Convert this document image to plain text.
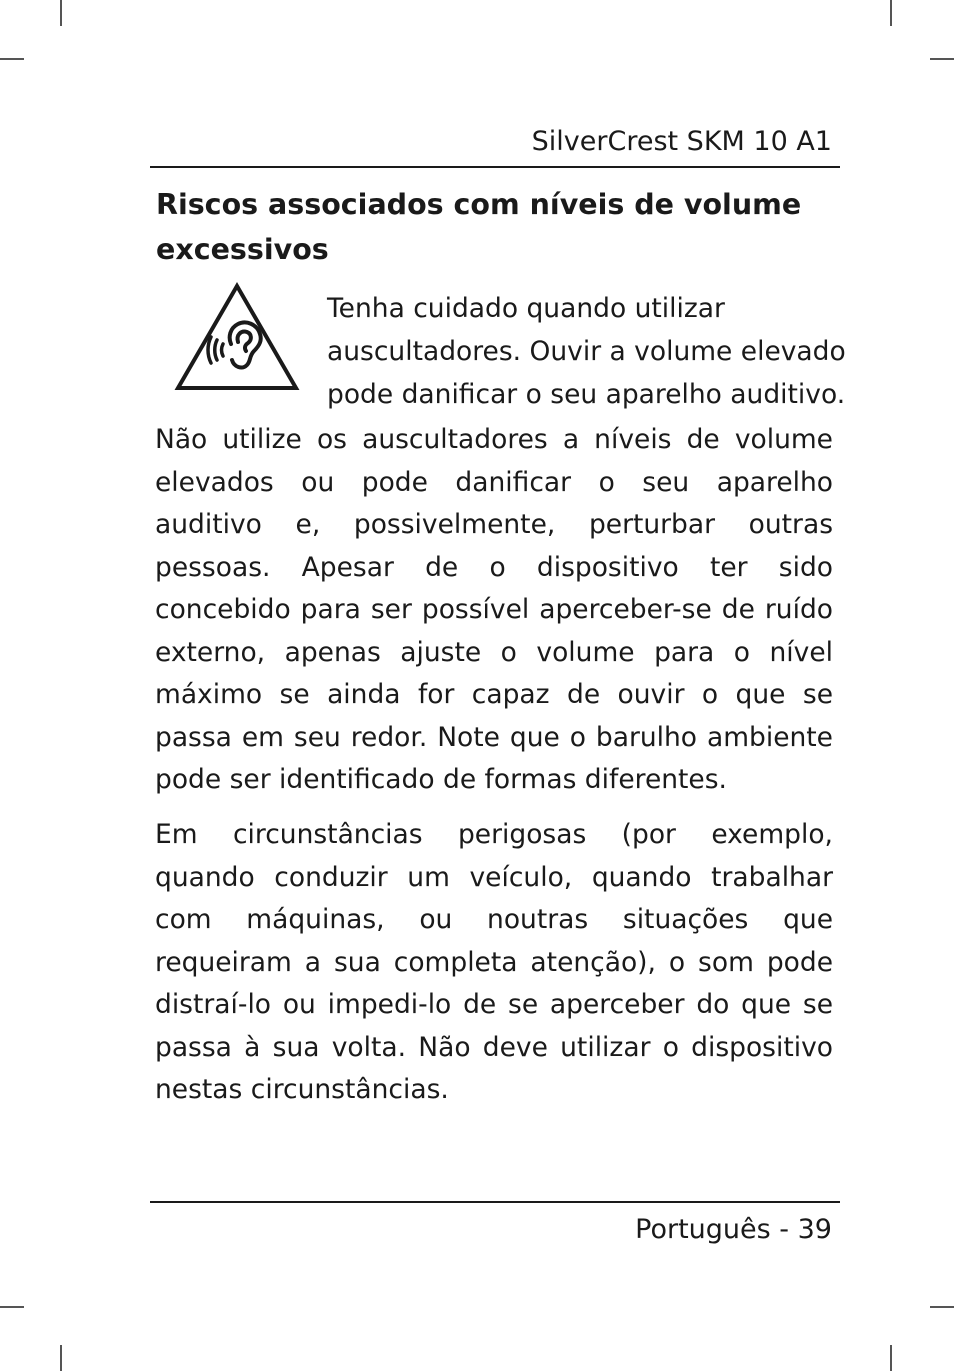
SilverCrest SKM 10 A1
Riscos associados com níveis de volume excessivos

Tenha cuidado quando utilizar
auscultadores. Ouvir a volume elevado
pode danificar o seu aparelho auditivo.

Não utilize os auscultadores a níveis de volume elevados ou pode danificar o seu aparelho auditivo e, possivelmente, perturbar outras pessoas. Apesar de o dispositivo ter sido concebido para ser possível aperceber-se de ruído externo, apenas ajuste o volume para o nível máximo se ainda for capaz de ouvir o que se passa em seu redor. Note que o barulho ambiente pode ser identificado de formas diferentes.

Em circunstâncias perigosas (por exemplo, quando conduzir um veículo, quando trabalhar com máquinas, ou noutras situações que requeiram a sua completa atenção), o som pode distraí-lo ou impedi-lo de se aperceber do que se passa à sua volta. Não deve utilizar o dispositivo nestas circunstâncias.

Português - 39
